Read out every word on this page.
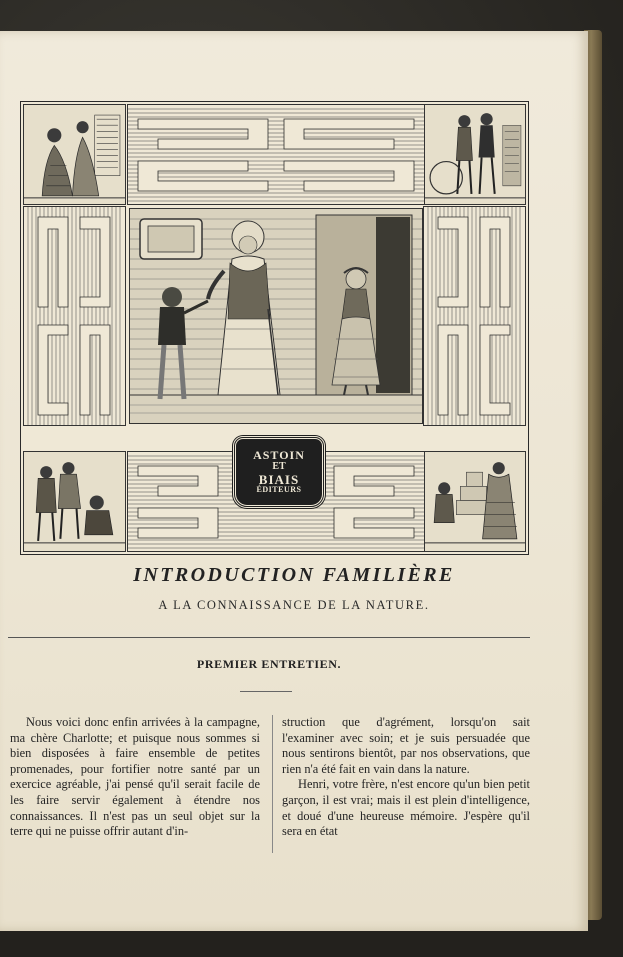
ASTOIN
ET
BIAIS
ÉDITEURS
INTRODUCTION FAMILIÈRE
A LA CONNAISSANCE DE LA NATURE.
PREMIER ENTRETIEN.

Nous voici donc enfin arrivées à la campagne, ma chère Charlotte; et puisque nous sommes si bien disposées à faire ensemble de petites promenades, pour fortifier notre santé par un exercice agréable, j'ai pensé qu'il serait facile de les faire servir également à étendre nos connaissances. Il n'est pas un seul objet sur la terre qui ne puisse offrir autant d'in-

struction que d'agrément, lorsqu'on sait l'examiner avec soin; et je suis persuadée que nous sentirons bientôt, par nos observations, que rien n'a été fait en vain dans la nature.

Henri, votre frère, n'est encore qu'un bien petit garçon, il est vrai; mais il est plein d'intelligence, et doué d'une heureuse mémoire. J'espère qu'il sera en état
